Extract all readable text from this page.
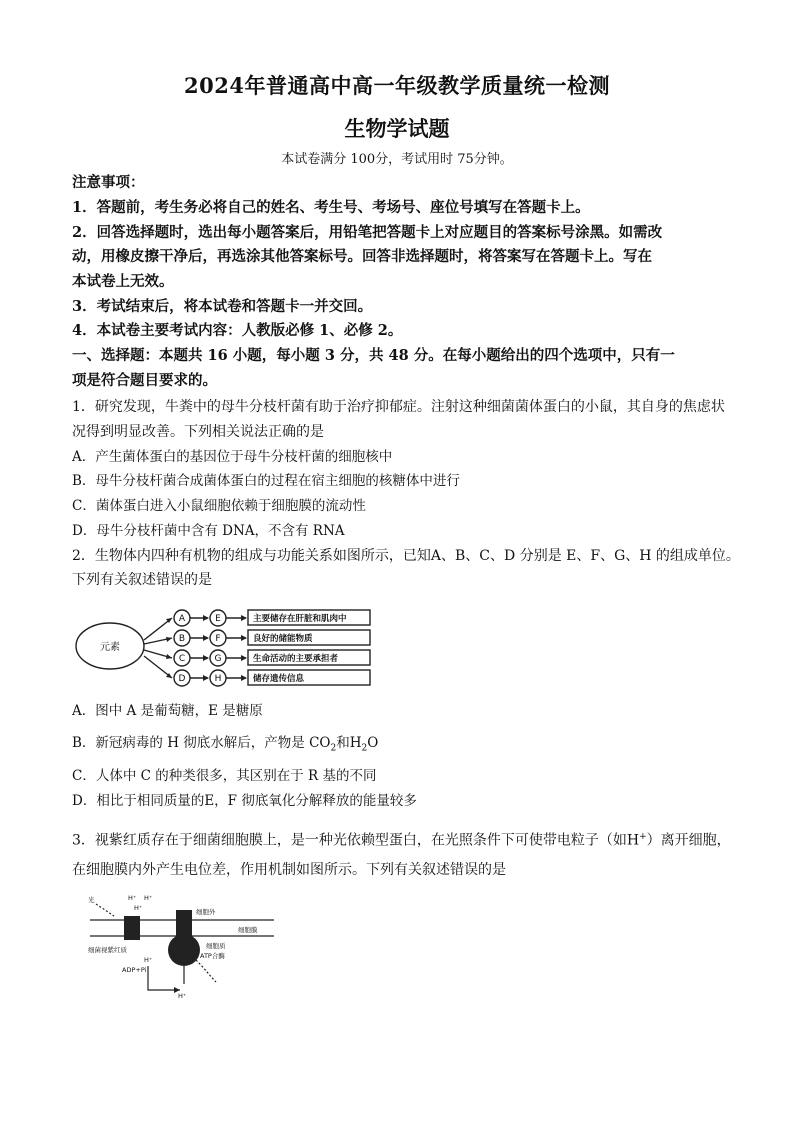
2024年普通高中高一年级教学质量统一检测
生物学试题
本试卷满分 100分，考试用时 75分钟。
注意事项：
1．答题前，考生务必将自己的姓名、考生号、考场号、座位号填写在答题卡上。
2．回答选择题时，选出每小题答案后，用铅笔把答题卡上对应题目的答案标号涂黑。如需改
动，用橡皮擦干净后，再选涂其他答案标号。回答非选择题时，将答案写在答题卡上。写在
本试卷上无效。
3．考试结束后，将本试卷和答题卡一并交回。
4．本试卷主要考试内容：人教版必修 1、必修 2。
一、选择题：本题共 16 小题，每小题 3 分，共 48 分。在每小题给出的四个选项中，只有一
项是符合题目要求的。
1．研究发现，牛粪中的母牛分枝杆菌有助于治疗抑郁症。注射这种细菌菌体蛋白的小鼠，其自身的焦虑状
况得到明显改善。下列相关说法正确的是
A．产生菌体蛋白的基因位于母牛分枝杆菌的细胞核中
B．母牛分枝杆菌合成菌体蛋白的过程在宿主细胞的核糖体中进行
C．菌体蛋白进入小鼠细胞依赖于细胞膜的流动性
D．母牛分枝杆菌中含有 DNA，不含有 RNA
2．生物体内四种有机物的组成与功能关系如图所示，已知A、B、C、D 分别是 E、F、G、H 的组成单位。
下列有关叙述错误的是
元素
A
B
C
D
E
F
G
H
主要储存在肝脏和肌肉中
良好的储能物质
生命活动的主要承担者
储存遗传信息
A．图中 A 是葡萄糖，E 是糖原
B．新冠病毒的 H 彻底水解后，产物是 $CO_2$和$H_2O$
C．人体中 C 的种类很多，其区别在于 R 基的不同
D．相比于相同质量的E，F 彻底氧化分解释放的能量较多
3．视紫红质存在于细菌细胞膜上，是一种光依赖型蛋白，在光照条件下可使带电粒子（如H+）离开细胞，
在细胞膜内外产生电位差，作用机制如图所示。下列有关叙述错误的是
光	H⁺ H⁺
H⁺	细胞外
细胞膜
细胞质
细菌视紫红质
ATP合酶
ADP+Pi
H⁺
H⁺
